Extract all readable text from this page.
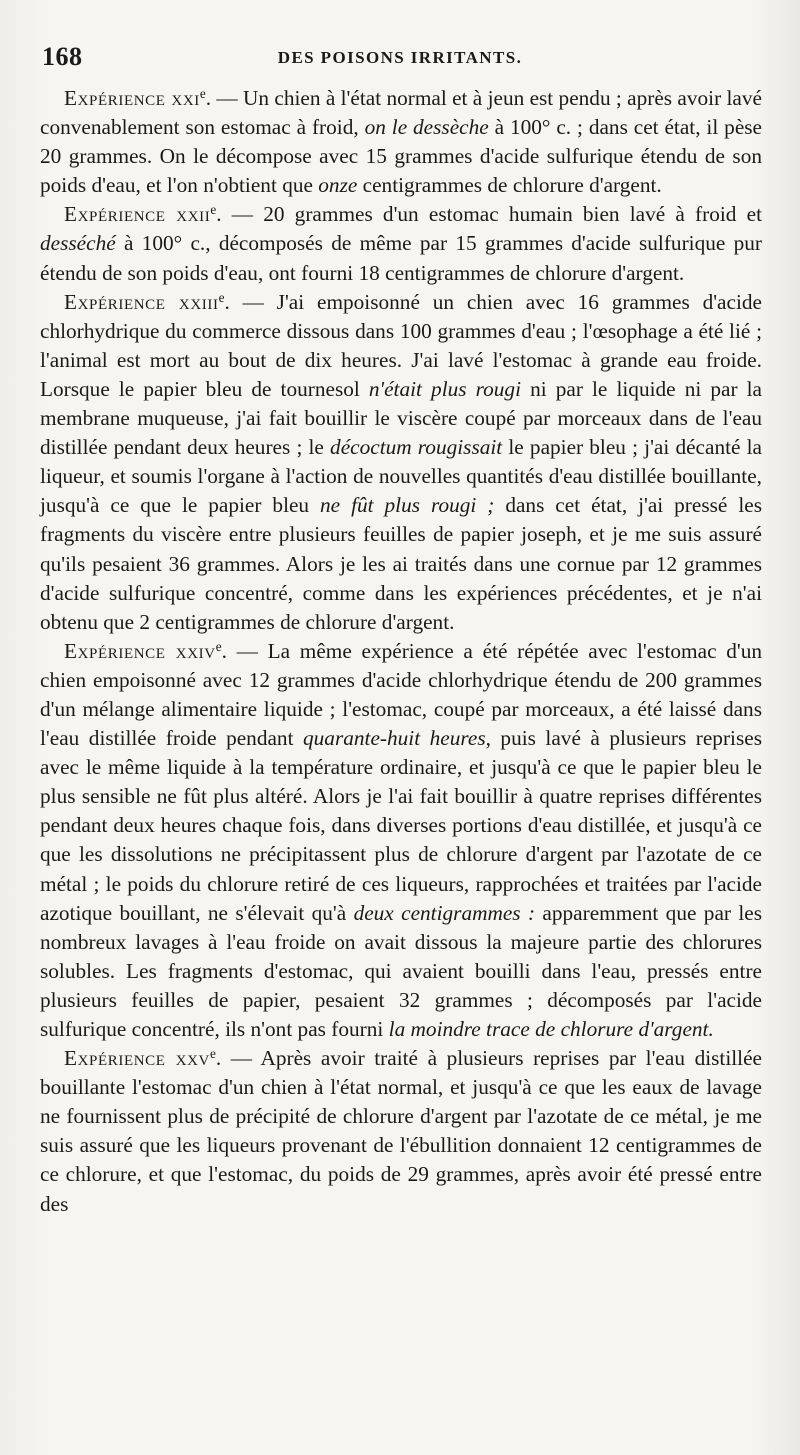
168	DES POISONS IRRITANTS.

Expérience xxi$^e$. — Un chien à l'état normal et à jeun est pendu ; après avoir lavé convenablement son estomac à froid, on le dessèche à 100° c. ; dans cet état, il pèse 20 grammes. On le décompose avec 15 grammes d'acide sulfurique étendu de son poids d'eau, et l'on n'obtient que onze centigrammes de chlorure d'argent.

Expérience xxii$^e$. — 20 grammes d'un estomac humain bien lavé à froid et desséché à 100° c., décomposés de même par 15 grammes d'acide sulfurique pur étendu de son poids d'eau, ont fourni 18 centigrammes de chlorure d'argent.

Expérience xxiii$^e$. — J'ai empoisonné un chien avec 16 grammes d'acide chlorhydrique du commerce dissous dans 100 grammes d'eau ; l'œsophage a été lié ; l'animal est mort au bout de dix heures. J'ai lavé l'estomac à grande eau froide. Lorsque le papier bleu de tournesol n'était plus rougi ni par le liquide ni par la membrane muqueuse, j'ai fait bouillir le viscère coupé par morceaux dans de l'eau distillée pendant deux heures ; le décoctum rougissait le papier bleu ; j'ai décanté la liqueur, et soumis l'organe à l'action de nouvelles quantités d'eau distillée bouillante, jusqu'à ce que le papier bleu ne fût plus rougi ; dans cet état, j'ai pressé les fragments du viscère entre plusieurs feuilles de papier joseph, et je me suis assuré qu'ils pesaient 36 grammes. Alors je les ai traités dans une cornue par 12 grammes d'acide sulfurique concentré, comme dans les expériences précédentes, et je n'ai obtenu que 2 centigrammes de chlorure d'argent.

Expérience xxiv$^e$. — La même expérience a été répétée avec l'estomac d'un chien empoisonné avec 12 grammes d'acide chlorhydrique étendu de 200 grammes d'un mélange alimentaire liquide ; l'estomac, coupé par morceaux, a été laissé dans l'eau distillée froide pendant quarante-huit heures, puis lavé à plusieurs reprises avec le même liquide à la température ordinaire, et jusqu'à ce que le papier bleu le plus sensible ne fût plus altéré. Alors je l'ai fait bouillir à quatre reprises différentes pendant deux heures chaque fois, dans diverses portions d'eau distillée, et jusqu'à ce que les dissolutions ne précipitassent plus de chlorure d'argent par l'azotate de ce métal ; le poids du chlorure retiré de ces liqueurs, rapprochées et traitées par l'acide azotique bouillant, ne s'élevait qu'à deux centigrammes : apparemment que par les nombreux lavages à l'eau froide on avait dissous la majeure partie des chlorures solubles. Les fragments d'estomac, qui avaient bouilli dans l'eau, pressés entre plusieurs feuilles de papier, pesaient 32 grammes ; décomposés par l'acide sulfurique concentré, ils n'ont pas fourni la moindre trace de chlorure d'argent.

Expérience xxv$^e$. — Après avoir traité à plusieurs reprises par l'eau distillée bouillante l'estomac d'un chien à l'état normal, et jusqu'à ce que les eaux de lavage ne fournissent plus de précipité de chlorure d'argent par l'azotate de ce métal, je me suis assuré que les liqueurs provenant de l'ébullition donnaient 12 centigrammes de ce chlorure, et que l'estomac, du poids de 29 grammes, après avoir été pressé entre des
